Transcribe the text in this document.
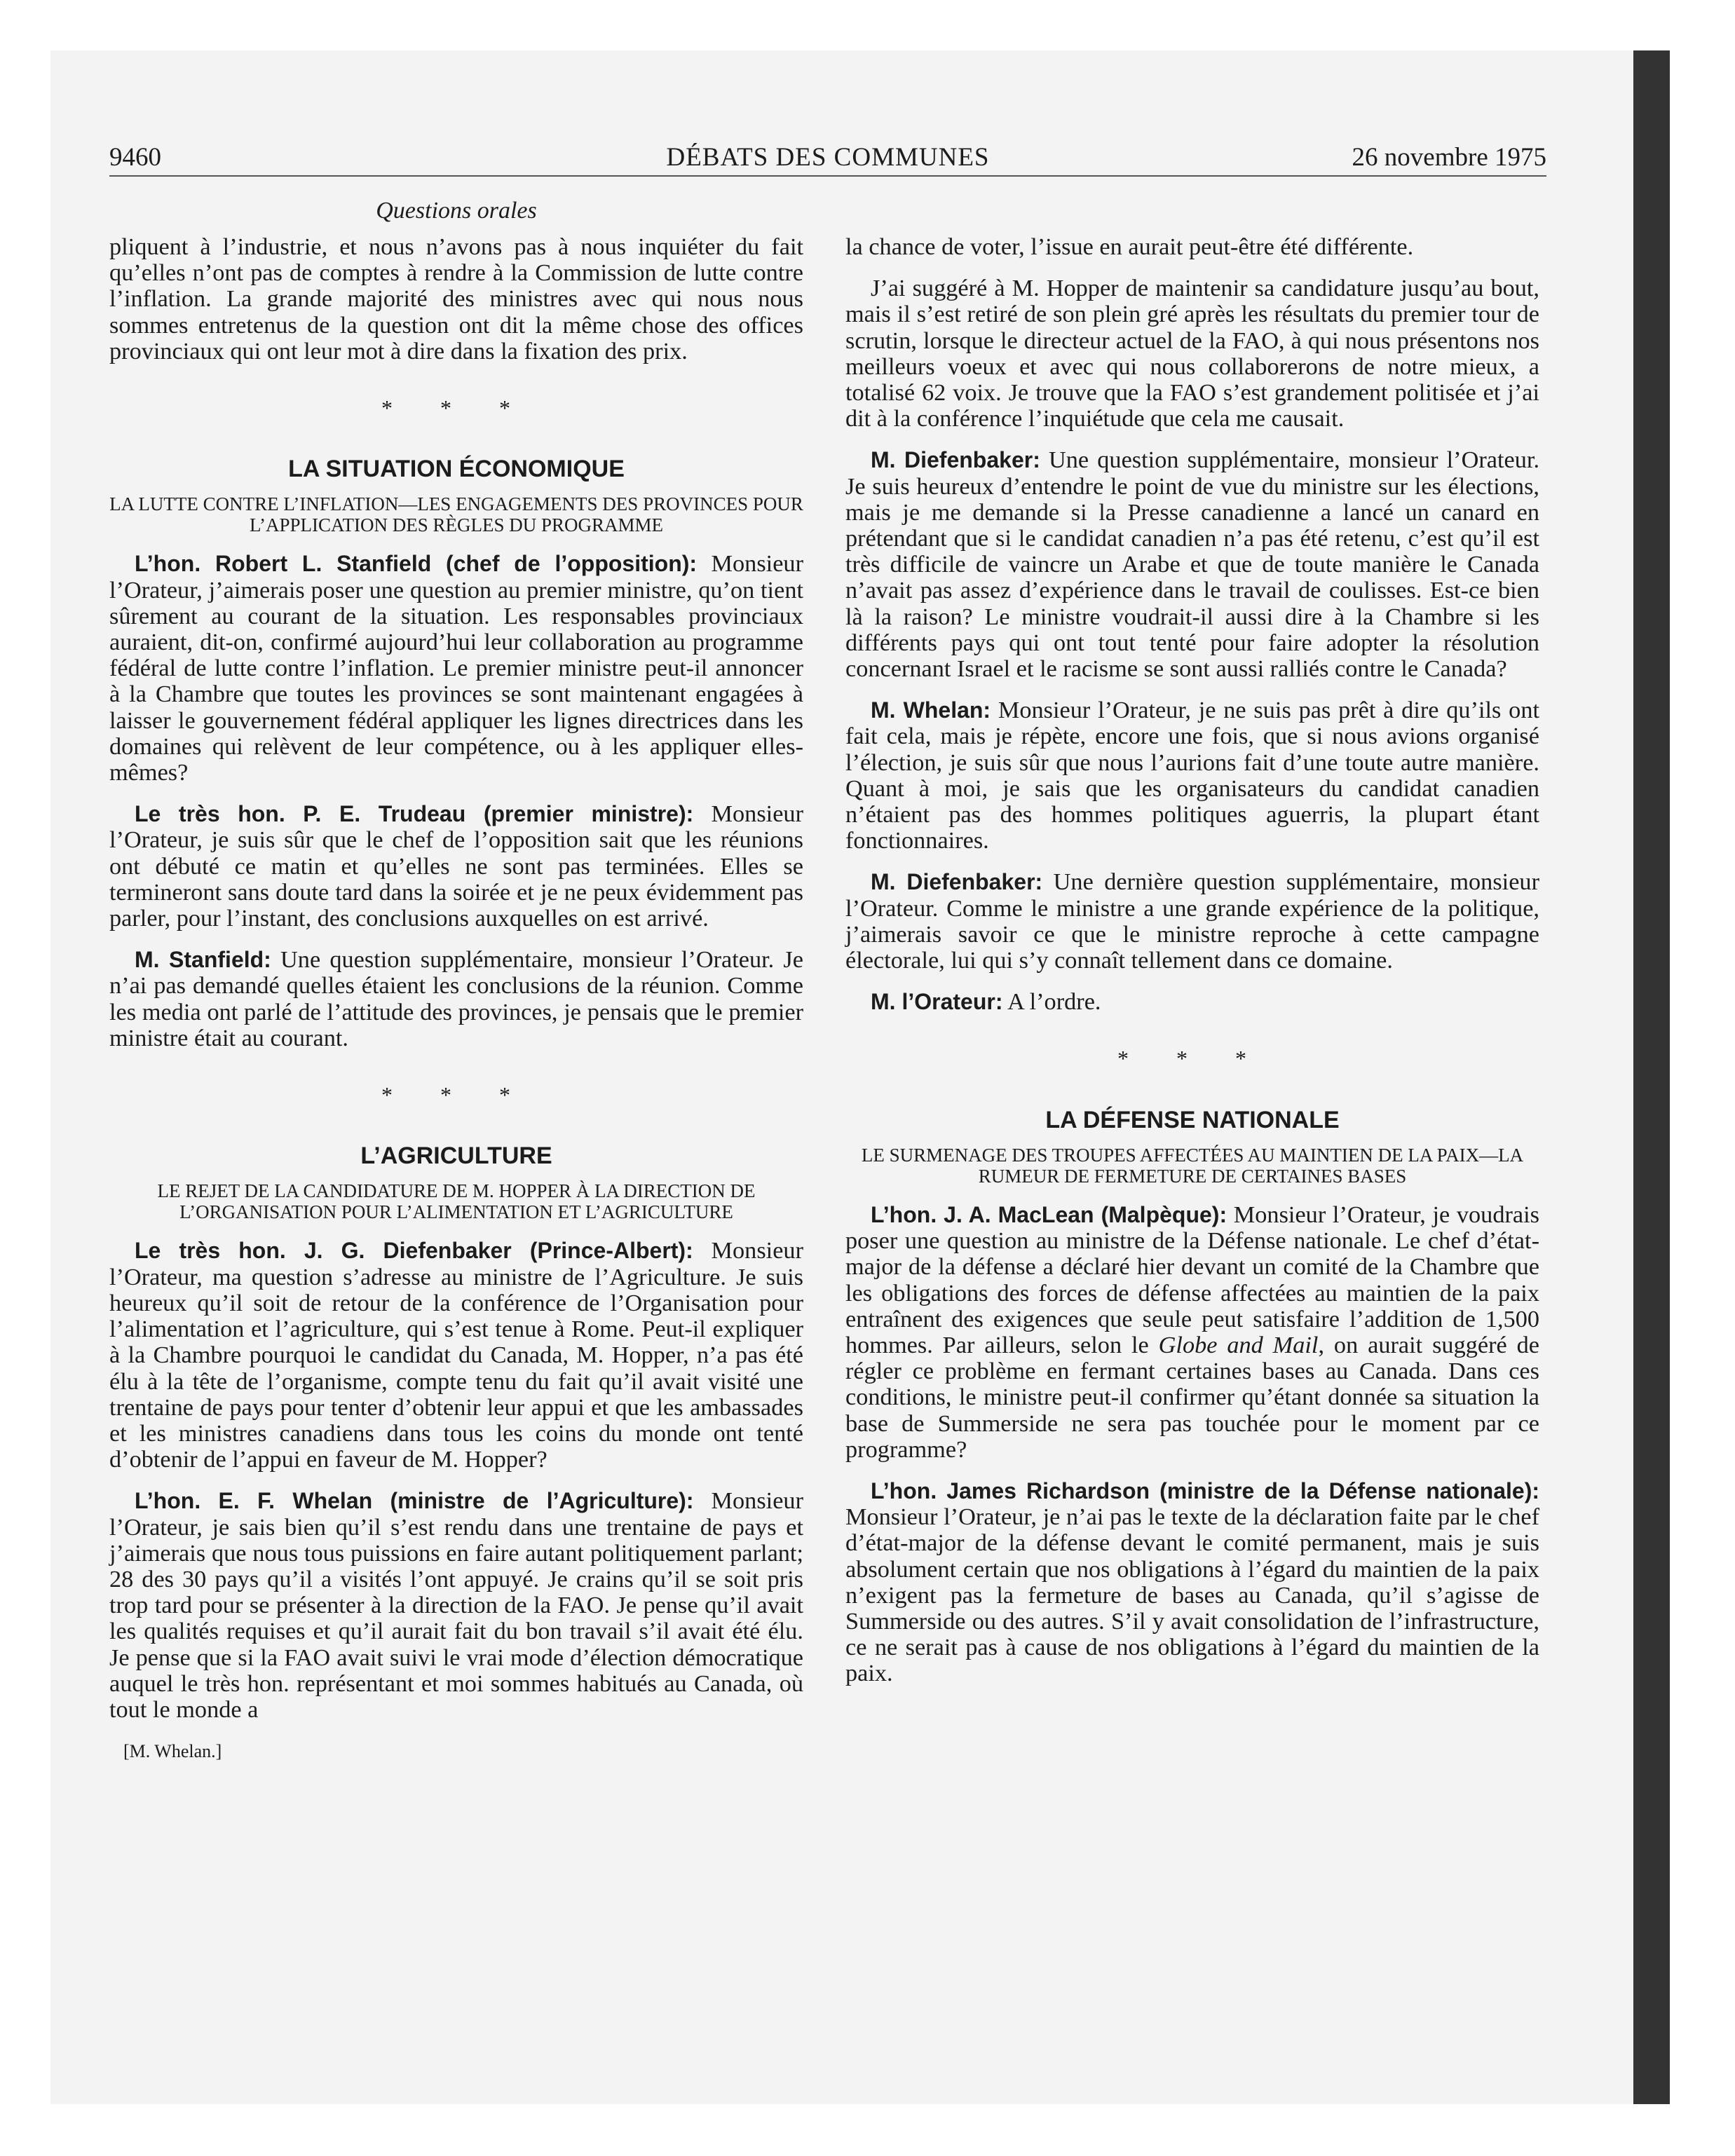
9460	DÉBATS DES COMMUNES	26 novembre 1975
Questions orales

pliquent à l’industrie, et nous n’avons pas à nous inquiéter du fait qu’elles n’ont pas de comptes à rendre à la Commission de lutte contre l’inflation. La grande majorité des ministres avec qui nous nous sommes entretenus de la question ont dit la même chose des offices provinciaux qui ont leur mot à dire dans la fixation des prix.

* * *
LA SITUATION ÉCONOMIQUE
LA LUTTE CONTRE L’INFLATION—LES ENGAGEMENTS DES PROVINCES POUR L’APPLICATION DES RÈGLES DU PROGRAMME

L’hon. Robert L. Stanfield (chef de l’opposition): Monsieur l’Orateur, j’aimerais poser une question au premier ministre, qu’on tient sûrement au courant de la situation. Les responsables provinciaux auraient, dit-on, confirmé aujourd’hui leur collaboration au programme fédéral de lutte contre l’inflation. Le premier ministre peut-il annoncer à la Chambre que toutes les provinces se sont maintenant engagées à laisser le gouvernement fédéral appliquer les lignes directrices dans les domaines qui relèvent de leur compétence, ou à les appliquer elles-mêmes?

Le très hon. P. E. Trudeau (premier ministre): Monsieur l’Orateur, je suis sûr que le chef de l’opposition sait que les réunions ont débuté ce matin et qu’elles ne sont pas terminées. Elles se termineront sans doute tard dans la soirée et je ne peux évidemment pas parler, pour l’instant, des conclusions auxquelles on est arrivé.

M. Stanfield: Une question supplémentaire, monsieur l’Orateur. Je n’ai pas demandé quelles étaient les conclusions de la réunion. Comme les media ont parlé de l’attitude des provinces, je pensais que le premier ministre était au courant.

* * *
L’AGRICULTURE
LE REJET DE LA CANDIDATURE DE M. HOPPER À LA DIRECTION DE L’ORGANISATION POUR L’ALIMENTATION ET L’AGRICULTURE

Le très hon. J. G. Diefenbaker (Prince-Albert): Monsieur l’Orateur, ma question s’adresse au ministre de l’Agriculture. Je suis heureux qu’il soit de retour de la conférence de l’Organisation pour l’alimentation et l’agriculture, qui s’est tenue à Rome. Peut-il expliquer à la Chambre pourquoi le candidat du Canada, M. Hopper, n’a pas été élu à la tête de l’organisme, compte tenu du fait qu’il avait visité une trentaine de pays pour tenter d’obtenir leur appui et que les ambassades et les ministres canadiens dans tous les coins du monde ont tenté d’obtenir de l’appui en faveur de M. Hopper?

L’hon. E. F. Whelan (ministre de l’Agriculture): Monsieur l’Orateur, je sais bien qu’il s’est rendu dans une trentaine de pays et j’aimerais que nous tous puissions en faire autant politiquement parlant; 28 des 30 pays qu’il a visités l’ont appuyé. Je crains qu’il se soit pris trop tard pour se présenter à la direction de la FAO. Je pense qu’il avait les qualités requises et qu’il aurait fait du bon travail s’il avait été élu. Je pense que si la FAO avait suivi le vrai mode d’élection démocratique auquel le très hon. représentant et moi sommes habitués au Canada, où tout le monde a

[M. Whelan.]

la chance de voter, l’issue en aurait peut-être été différente.

J’ai suggéré à M. Hopper de maintenir sa candidature jusqu’au bout, mais il s’est retiré de son plein gré après les résultats du premier tour de scrutin, lorsque le directeur actuel de la FAO, à qui nous présentons nos meilleurs voeux et avec qui nous collaborerons de notre mieux, a totalisé 62 voix. Je trouve que la FAO s’est grandement politisée et j’ai dit à la conférence l’inquiétude que cela me causait.

M. Diefenbaker: Une question supplémentaire, monsieur l’Orateur. Je suis heureux d’entendre le point de vue du ministre sur les élections, mais je me demande si la Presse canadienne a lancé un canard en prétendant que si le candidat canadien n’a pas été retenu, c’est qu’il est très difficile de vaincre un Arabe et que de toute manière le Canada n’avait pas assez d’expérience dans le travail de coulisses. Est-ce bien là la raison? Le ministre voudrait-il aussi dire à la Chambre si les différents pays qui ont tout tenté pour faire adopter la résolution concernant Israel et le racisme se sont aussi ralliés contre le Canada?

M. Whelan: Monsieur l’Orateur, je ne suis pas prêt à dire qu’ils ont fait cela, mais je répète, encore une fois, que si nous avions organisé l’élection, je suis sûr que nous l’aurions fait d’une toute autre manière. Quant à moi, je sais que les organisateurs du candidat canadien n’étaient pas des hommes politiques aguerris, la plupart étant fonctionnaires.

M. Diefenbaker: Une dernière question supplémentaire, monsieur l’Orateur. Comme le ministre a une grande expérience de la politique, j’aimerais savoir ce que le ministre reproche à cette campagne électorale, lui qui s’y connaît tellement dans ce domaine.

M. l’Orateur: A l’ordre.

* * *
LA DÉFENSE NATIONALE
LE SURMENAGE DES TROUPES AFFECTÉES AU MAINTIEN DE LA PAIX—LA RUMEUR DE FERMETURE DE CERTAINES BASES

L’hon. J. A. MacLean (Malpèque): Monsieur l’Orateur, je voudrais poser une question au ministre de la Défense nationale. Le chef d’état-major de la défense a déclaré hier devant un comité de la Chambre que les obligations des forces de défense affectées au maintien de la paix entraînent des exigences que seule peut satisfaire l’addition de 1,500 hommes. Par ailleurs, selon le Globe and Mail, on aurait suggéré de régler ce problème en fermant certaines bases au Canada. Dans ces conditions, le ministre peut-il confirmer qu’étant donnée sa situation la base de Summerside ne sera pas touchée pour le moment par ce programme?

L’hon. James Richardson (ministre de la Défense nationale): Monsieur l’Orateur, je n’ai pas le texte de la déclaration faite par le chef d’état-major de la défense devant le comité permanent, mais je suis absolument certain que nos obligations à l’égard du maintien de la paix n’exigent pas la fermeture de bases au Canada, qu’il s’agisse de Summerside ou des autres. S’il y avait consolidation de l’infrastructure, ce ne serait pas à cause de nos obligations à l’égard du maintien de la paix.
